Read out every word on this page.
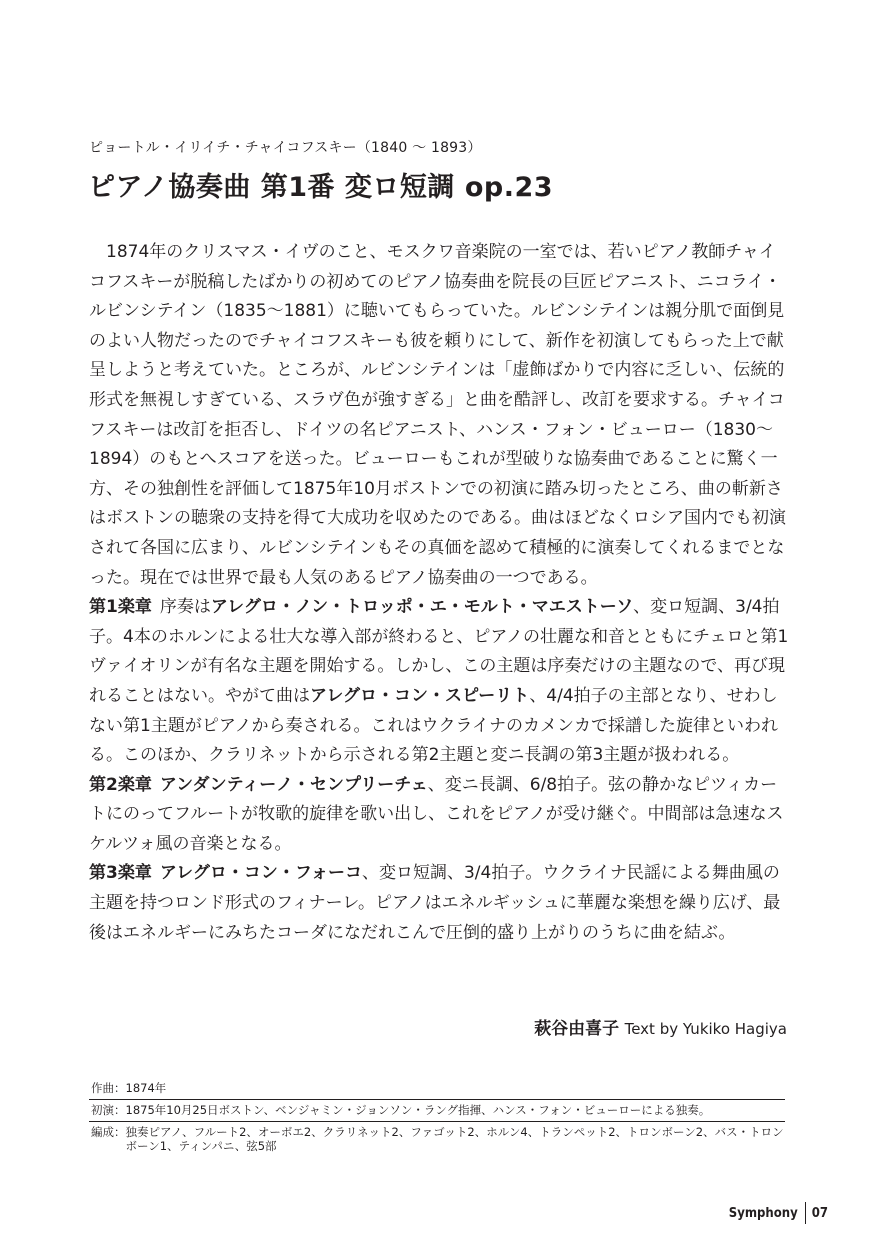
ピョートル・イリイチ・チャイコフスキー（1840 ～ 1893）
ピアノ協奏曲 第1番 変ロ短調 op.23

1874年のクリスマス・イヴのこと、モスクワ音楽院の一室では、若いピアノ教師チャイコフスキーが脱稿したばかりの初めてのピアノ協奏曲を院長の巨匠ピアニスト、ニコライ・ルビンシテイン（1835～1881）に聴いてもらっていた。ルビンシテインは親分肌で面倒見のよい人物だったのでチャイコフスキーも彼を頼りにして、新作を初演してもらった上で献呈しようと考えていた。ところが、ルビンシテインは「虚飾ばかりで内容に乏しい、伝統的形式を無視しすぎている、スラヴ色が強すぎる」と曲を酷評し、改訂を要求する。チャイコフスキーは改訂を拒否し、ドイツの名ピアニスト、ハンス・フォン・ビューロー（1830～1894）のもとへスコアを送った。ビューローもこれが型破りな協奏曲であることに驚く一方、その独創性を評価して1875年10月ボストンでの初演に踏み切ったところ、曲の斬新さはボストンの聴衆の支持を得て大成功を収めたのである。曲はほどなくロシア国内でも初演されて各国に広まり、ルビンシテインもその真価を認めて積極的に演奏してくれるまでとなった。現在では世界で最も人気のあるピアノ協奏曲の一つである。

第1楽章 序奏はアレグロ・ノン・トロッポ・エ・モルト・マエストーソ、変ロ短調、3/4拍子。4本のホルンによる壮大な導入部が終わると、ピアノの壮麗な和音とともにチェロと第1ヴァイオリンが有名な主題を開始する。しかし、この主題は序奏だけの主題なので、再び現れることはない。やがて曲はアレグロ・コン・スピーリト、4/4拍子の主部となり、せわしない第1主題がピアノから奏される。これはウクライナのカメンカで採譜した旋律といわれる。このほか、クラリネットから示される第2主題と変ニ長調の第3主題が扱われる。

第2楽章 アンダンティーノ・センプリーチェ、変ニ長調、6/8拍子。弦の静かなピツィカートにのってフルートが牧歌的旋律を歌い出し、これをピアノが受け継ぐ。中間部は急速なスケルツォ風の音楽となる。

第3楽章 アレグロ・コン・フォーコ、変ロ短調、3/4拍子。ウクライナ民謡による舞曲風の主題を持つロンド形式のフィナーレ。ピアノはエネルギッシュに華麗な楽想を繰り広げ、最後はエネルギーにみちたコーダになだれこんで圧倒的盛り上がりのうちに曲を結ぶ。

萩谷由喜子 Text by Yukiko Hagiya
作曲： 1874年
初演： 1875年10月25日ボストン、ベンジャミン・ジョンソン・ラング指揮、ハンス・フォン・ビューローによる独奏。
編成： 独奏ピアノ、フルート2、オーボエ2、クラリネット2、ファゴット2、ホルン4、トランペット2、トロンボーン2、バス・トロンボーン1、ティンパニ、弦5部
Symphony 07
